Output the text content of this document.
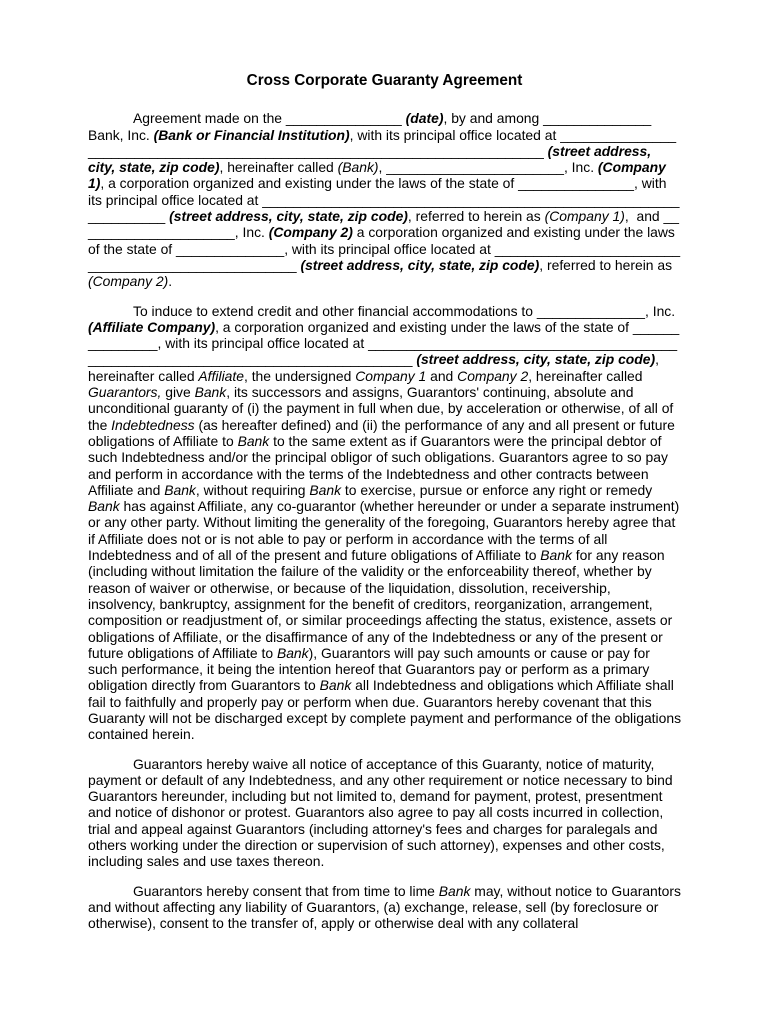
Cross Corporate Guaranty Agreement

Agreement made on the _______________ (date), by and among ______________Bank, Inc. (Bank or Financial Institution), with its principal office located at __________________________________________________________________________ (street address, city, state, zip code), hereinafter called (Bank), _______________________, Inc. (Company 1), a corporation organized and existing under the laws of the state of _______________, with its principal office located at ________________________________________________________________ (street address, city, state, zip code), referred to herein as (Company 1),  and _____________________, Inc. (Company 2) a corporation organized and existing under the laws of the state of ______________, with its principal office located at ___________________________________________________ (street address, city, state, zip code), referred to herein as (Company 2).

To induce to extend credit and other financial accommodations to ______________, Inc. (Affiliate Company), a corporation organized and existing under the laws of the state of _______________, with its principal office located at __________________________________________________________________________________ (street address, city, state, zip code), hereinafter called Affiliate, the undersigned Company 1 and Company 2, hereinafter called Guarantors, give Bank, its successors and assigns, Guarantors' continuing, absolute and unconditional guaranty of (i) the payment in full when due, by acceleration or otherwise, of all of the Indebtedness (as hereafter defined) and (ii) the performance of any and all present or future obligations of Affiliate to Bank to the same extent as if Guarantors were the principal debtor of such Indebtedness and/or the principal obligor of such obligations. Guarantors agree to so pay and perform in accordance with the terms of the Indebtedness and other contracts between Affiliate and Bank, without requiring Bank to exercise, pursue or enforce any right or remedy Bank has against Affiliate, any co-guarantor (whether hereunder or under a separate instrument) or any other party. Without limiting the generality of the foregoing, Guarantors hereby agree that if Affiliate does not or is not able to pay or perform in accordance with the terms of all Indebtedness and of all of the present and future obligations of Affiliate to Bank for any reason (including without limitation the failure of the validity or the enforceability thereof, whether by reason of waiver or otherwise, or because of the liquidation, dissolution, receivership, insolvency, bankruptcy, assignment for the benefit of creditors, reorganization, arrangement, composition or readjustment of, or similar proceedings affecting the status, existence, assets or obligations of Affiliate, or the disaffirmance of any of the Indebtedness or any of the present or future obligations of Affiliate to Bank), Guarantors will pay such amounts or cause or pay for such performance, it being the intention hereof that Guarantors pay or perform as a primary obligation directly from Guarantors to Bank all Indebtedness and obligations which Affiliate shall fail to faithfully and properly pay or perform when due. Guarantors hereby covenant that this Guaranty will not be discharged except by complete payment and performance of the obligations contained herein.

Guarantors hereby waive all notice of acceptance of this Guaranty, notice of maturity, payment or default of any Indebtedness, and any other requirement or notice necessary to bind Guarantors hereunder, including but not limited to, demand for payment, protest, presentment and notice of dishonor or protest. Guarantors also agree to pay all costs incurred in collection, trial and appeal against Guarantors (including attorney's fees and charges for paralegals and others working under the direction or supervision of such attorney), expenses and other costs, including sales and use taxes thereon.

Guarantors hereby consent that from time to lime Bank may, without notice to Guarantors and without affecting any liability of Guarantors, (a) exchange, release, sell (by foreclosure or otherwise), consent to the transfer of, apply or otherwise deal with any collateral
